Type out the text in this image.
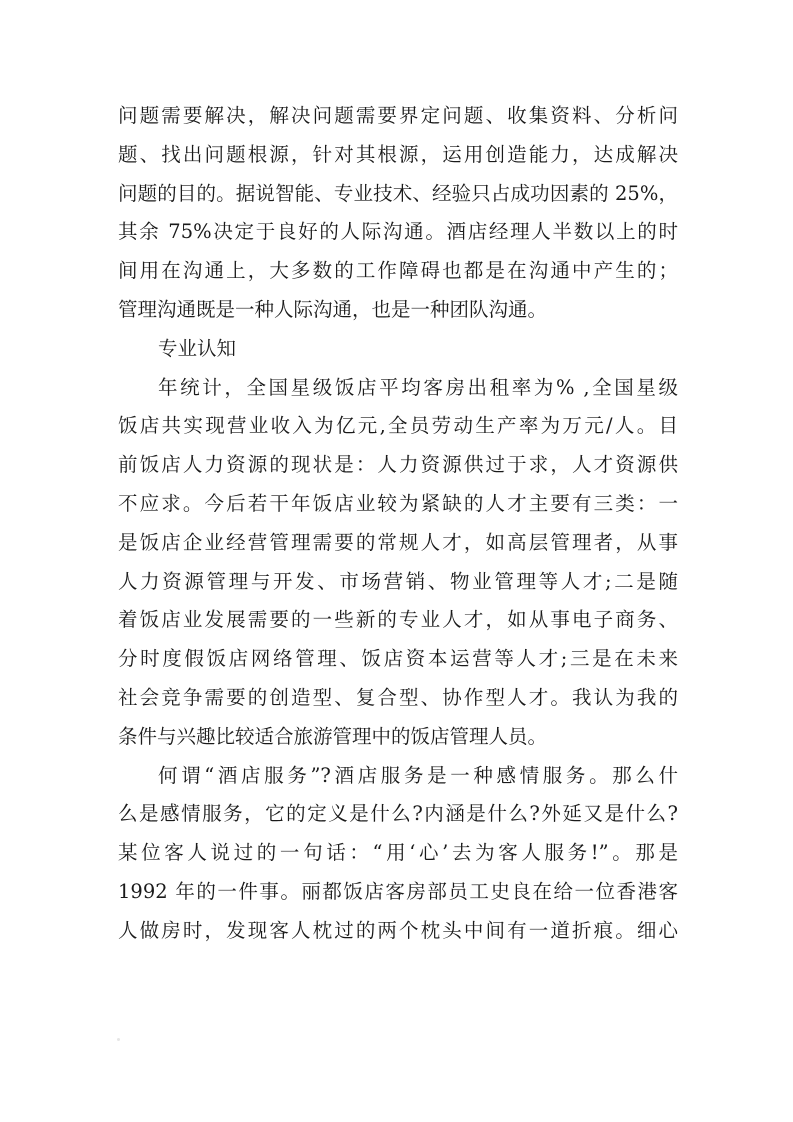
问题需要解决，解决问题需要界定问题、收集资料、分析问
题、找出问题根源，针对其根源，运用创造能力，达成解决
问题的目的。据说智能、专业技术、经验只占成功因素的 25%，
其余 75%决定于良好的人际沟通。酒店经理人半数以上的时
间用在沟通上，大多数的工作障碍也都是在沟通中产生的；
管理沟通既是一种人际沟通，也是一种团队沟通。
专业认知
年统计，全国星级饭店平均客房出租率为% ,全国星级
饭店共实现营业收入为亿元,全员劳动生产率为万元/人。目
前饭店人力资源的现状是：人力资源供过于求，人才资源供
不应求。今后若干年饭店业较为紧缺的人才主要有三类：一
是饭店企业经营管理需要的常规人才，如高层管理者，从事
人力资源管理与开发、市场营销、物业管理等人才;二是随
着饭店业发展需要的一些新的专业人才，如从事电子商务、
分时度假饭店网络管理、饭店资本运营等人才;三是在未来
社会竞争需要的创造型、复合型、协作型人才。我认为我的
条件与兴趣比较适合旅游管理中的饭店管理人员。
何谓“酒店服务”?酒店服务是一种感情服务。那么什
么是感情服务，它的定义是什么?内涵是什么?外延又是什么?
某位客人说过的一句话：“用‘心’去为客人服务!”。那是
1992 年的一件事。丽都饭店客房部员工史良在给一位香港客
人做房时，发现客人枕过的两个枕头中间有一道折痕。细心
